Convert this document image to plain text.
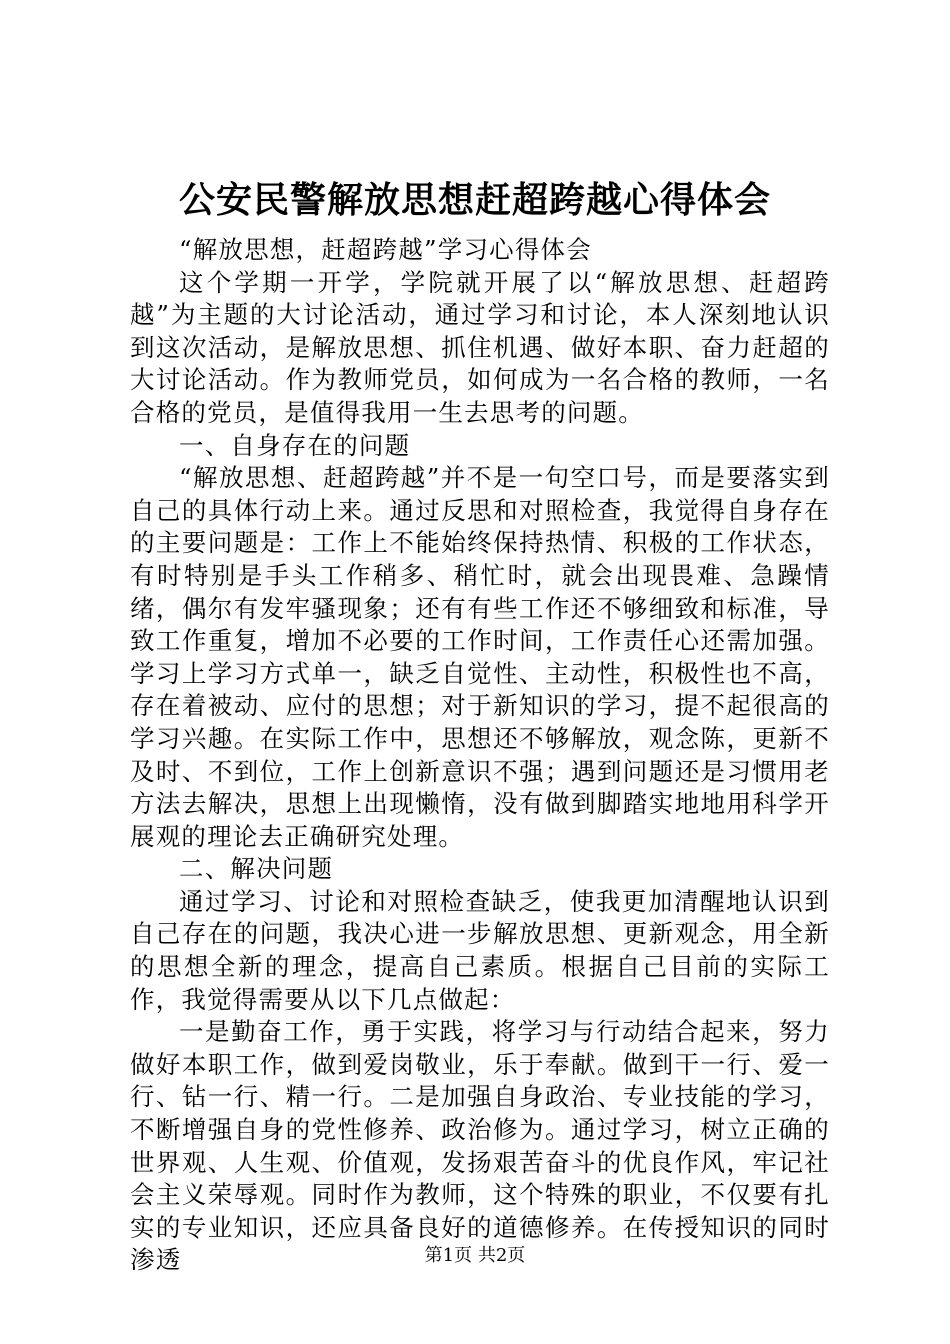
公安民警解放思想赶超跨越心得体会

“解放思想，赶超跨越”学习心得体会

这个学期一开学，学院就开展了以“解放思想、赶超跨越”为主题的大讨论活动，通过学习和讨论，本人深刻地认识到这次活动，是解放思想、抓住机遇、做好本职、奋力赶超的大讨论活动。作为教师党员，如何成为一名合格的教师，一名合格的党员，是值得我用一生去思考的问题。

一、自身存在的问题

“解放思想、赶超跨越”并不是一句空口号，而是要落实到自己的具体行动上来。通过反思和对照检查，我觉得自身存在的主要问题是：工作上不能始终保持热情、积极的工作状态，有时特别是手头工作稍多、稍忙时，就会出现畏难、急躁情绪，偶尔有发牢骚现象；还有有些工作还不够细致和标准，导致工作重复，增加不必要的工作时间，工作责任心还需加强。学习上学习方式单一，缺乏自觉性、主动性，积极性也不高，存在着被动、应付的思想；对于新知识的学习，提不起很高的学习兴趣。在实际工作中，思想还不够解放，观念陈，更新不及时、不到位，工作上创新意识不强；遇到问题还是习惯用老方法去解决，思想上出现懒惰，没有做到脚踏实地地用科学开展观的理论去正确研究处理。

二、解决问题

通过学习、讨论和对照检查缺乏，使我更加清醒地认识到自己存在的问题，我决心进一步解放思想、更新观念，用全新的思想全新的理念，提高自己素质。根据自己目前的实际工作，我觉得需要从以下几点做起：

一是勤奋工作，勇于实践，将学习与行动结合起来，努力做好本职工作，做到爱岗敬业，乐于奉献。做到干一行、爱一行、钻一行、精一行。二是加强自身政治、专业技能的学习，不断增强自身的党性修养、政治修为。通过学习，树立正确的世界观、人生观、价值观，发扬艰苦奋斗的优良作风，牢记社会主义荣辱观。同时作为教师，这个特殊的职业，不仅要有扎实的专业知识，还应具备良好的道德修养。在传授知识的同时渗透	第1页 共2页
